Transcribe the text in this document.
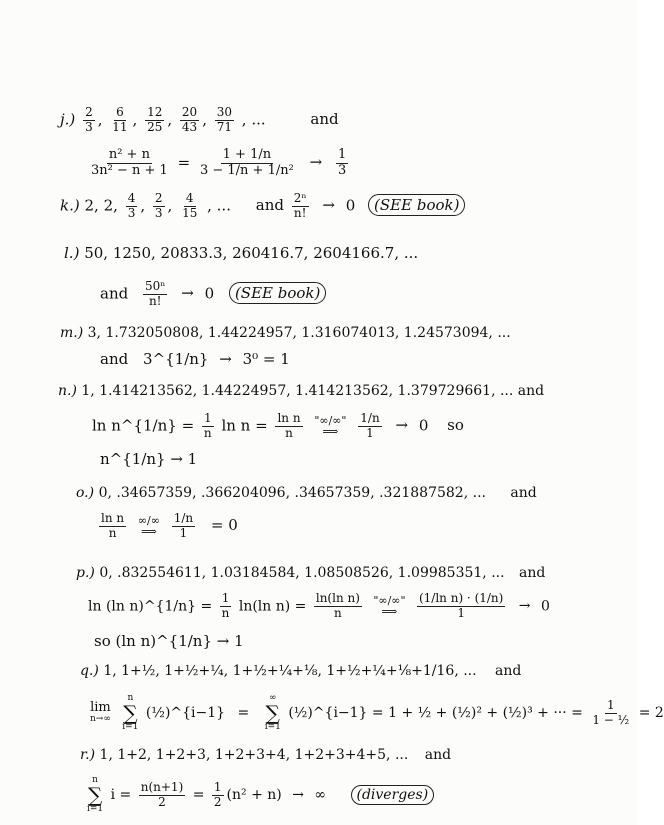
$j.) \frac{2}{3}$ , $\frac{6}{11}$ , $\frac{12}{25}$ , $\frac{20}{43}$ , $\frac{30}{71}$ , ...	and
$\frac{\text{n² + n}}{\text{3n² − n + 1}} = \frac{1 + 1/n}{\text{3 − 1/n + 1/n²}} \to \frac{1}{3}$
k.) 2, 2, $\frac{4}{3}$ , $\frac{2}{3}$ , $\frac{4}{15}$ , ... and $\frac{\text{2ⁿ}}{n!} \to 0$ (SEE book)
l.) 50, 1250, 20833.3, 260416.7, 2604166.7, ...
and $\frac{\text{50ⁿ}}{n!} \to 0$ (SEE book)
m.) 3, 1.732050808, 1.44224957, 1.316074013, 1.24573094, ...
and 3^{1/n} → 3⁰ = 1
n.) 1, 1.414213562, 1.44224957, 1.414213562, 1.379729661, ... and
ln n^{1/n} = $\frac{1}{n}$ $\ln n = \frac{\text{ln n}}{n}$
"∞/∞"
⟹
$\frac{1/n}{1} \to 0$ so
n^{1/n} → 1
o.) 0, .34657359, .366204096, .34657359, .321887582, ... and
$\frac{\text{ln n}}{n}$
∞/∞
⟹
$\frac{1/n}{1} = 0$
p.) 0, .832554611, 1.03184584, 1.08508526, 1.09985351, ... and
ln (ln n)^{1/n} = $\frac{1}{n} \ln(\ln$ $n) = \frac{\text{ln(ln n)}}{n}$
"∞/∞"
⟹
$\frac{\text{(1/ln n) · (1/n)}}{1} \to 0$
so (ln n)^{1/n} → 1
q.) 1, 1+½, 1+½+¼, 1+½+¼+⅛, 1+½+¼+⅛+1/16, ... and
lim
n→∞

n
∑
i=1
(½)^{i−1} =
∞
∑
i=1
(½)^{i−1} = 1 + ½ + (½)² + (½)³ + ··· = $\frac{1}{\text{1 − ½}} = 2$
r.) 1, 1+2, 1+2+3, 1+2+3+4, 1+2+3+4+5, ... and
n
∑
i=1
$i = \frac{n(n+1)}{2} = \frac{1}{2} (n^2 + n)$ → ∞ (diverges)
